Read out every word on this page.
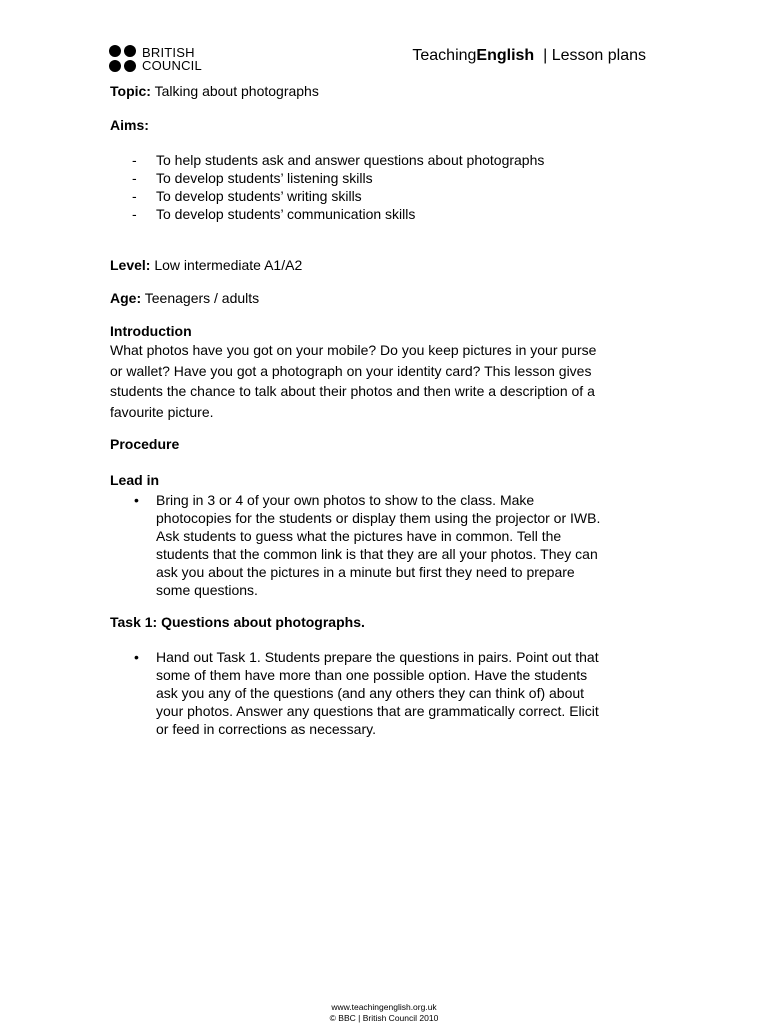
BRITISH
COUNCIL
TeachingEnglish  | Lesson plans

Topic: Talking about photographs

Aims:

- To help students ask and answer questions about photographs
- To develop students’ listening skills
- To develop students’ writing skills
- To develop students’ communication skills

Level: Low intermediate A1/A2

Age: Teenagers / adults

Introduction

What photos have you got on your mobile? Do you keep pictures in your purse
or wallet? Have you got a photograph on your identity card? This lesson gives
students the chance to talk about their photos and then write a description of a
favourite picture.

Procedure

Lead in

• Bring in 3 or 4 of your own photos to show to the class. Make
photocopies for the students or display them using the projector or IWB.
Ask students to guess what the pictures have in common. Tell the
students that the common link is that they are all your photos. They can
ask you about the pictures in a minute but first they need to prepare
some questions.

Task 1: Questions about photographs.

• Hand out Task 1. Students prepare the questions in pairs. Point out that
some of them have more than one possible option. Have the students
ask you any of the questions (and any others they can think of) about
your photos. Answer any questions that are grammatically correct. Elicit
or feed in corrections as necessary.
www.teachingenglish.org.uk
© BBC | British Council 2010
